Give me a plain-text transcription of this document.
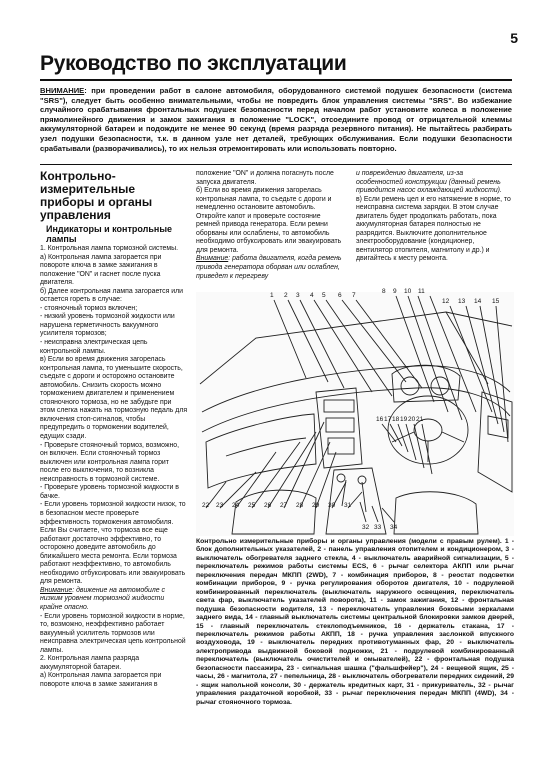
5
Руководство по эксплуатации
ВНИМАНИЕ: при проведении работ в салоне автомобиля, оборудованного системой подушек безопасности (система "SRS"), следует быть особенно внимательными, чтобы не повредить блок управления системы "SRS". Во избежание случайного срабатывания фронтальных подушек безопасности перед началом работ установите колеса в положение прямолинейного движения и замок зажигания в положение "LOCK", отсоедините провод от отрицательной клеммы аккумуляторной батареи и подождите не менее 90 секунд (время разряда резервного питания). Не пытайтесь разбирать узел подушки безопасности, т.к. в данном узле нет деталей, требующих обслуживания. Если подушки безопасности срабатывали (разворачивались), то их нельзя отремонтировать или использовать повторно.
Контрольно-измерительные приборы и органы управления
Индикаторы и контрольные лампы

1. Контрольная лампа тормозной системы.
а) Контрольная лампа загорается при повороте ключа в замке зажигания в положение "ON" и гаснет после пуска двигателя.
б) Далее контрольная лампа загорается или остается гореть в случае:
- стояночный тормоз включен;
- низкий уровень тормозной жидкости или нарушена герметичность вакуумного усилителя тормозов;
- неисправна электрическая цепь контрольной лампы.
в) Если во время движения загорелась контрольная лампа, то уменьшите скорость, съедьте с дороги и осторожно остановите автомобиль. Снизить скорость можно торможением двигателем и применением стояночного тормоза, но не забудьте при этом слегка нажать на тормозную педаль для включения стоп-сигналов, чтобы предупредить о торможении водителей, едущих сзади.
- Проверьте стояночный тормоз, возможно, он включен. Если стояночный тормоз выключен или контрольная лампа горит после его выключения, то возникла неисправность в тормозной системе.
- Проверьте уровень тормозной жидкости в бачке.
- Если уровень тормозной жидкости низок, то в безопасном месте проверьте эффективность торможения автомобиля. Если Вы считаете, что тормоза все еще работают достаточно эффективно, то осторожно доведите автомобиль до ближайшего места ремонта. Если тормоза работают неэффективно, то автомобиль необходимо отбуксировать или эвакуировать для ремонта.

Внимание: движение на автомобиле с низким уровнем тормозной жидкости крайне опасно.

- Если уровень тормозной жидкости в норме, то, возможно, неэффективно работает вакуумный усилитель тормозов или неисправна электрическая цепь контрольной лампы.
2. Контрольная лампа разряда аккумуляторной батареи.
а) Контрольная лампа загорается при повороте ключа в замке зажигания в

положение "ON" и должна погаснуть после запуска двигателя.
б) Если во время движения загорелась контрольная лампа, то съедьте с дороги и немедленно остановите автомобиль. Откройте капот и проверьте состояние ремней привода генератора. Если ремни оборваны или ослаблены, то автомобиль необходимо отбуксировать или эвакуировать для ремонта.

Внимание: работа двигателя, когда ремень привода генератора оборван или ослаблен, приведет к перегреву

и повреждению двигателя, из-за особенностей конструкции (данный ремень приводится насос охлаждающей жидкости).

в) Если ремень цел и его натяжение в норме, то неисправна система зарядки. В этом случае двигатель будет продолжать работать, пока аккумуляторная батарея полностью не разрядится. Выключите дополнительное электрооборудование (кондиционер, вентилятор отопителя, магнитолу и др.) и двигайтесь к месту ремонта.

1 2 3 4 5 6 7
8 9 10 11
12 13 14 15
16 17 18 19 20 21
22 23 24 25 26 27 28 29 30 31
32 33 34
Контрольно измерительные приборы и органы управления (модели с правым рулем). 1 - блок дополнительных указателей, 2 - панель управления отопителем и кондиционером, 3 - выключатель обогревателя заднего стекла, 4 - выключатель аварийной сигнализации, 5 - переключатель режимов работы системы ECS, 6 - рычаг селектора АКПП или рычаг переключения передач МКПП (2WD), 7 - комбинация приборов, 8 - реостат подсветки комбинации приборов, 9 - ручка регулирования оборотов двигателя, 10 - подрулевой комбинированный переключатель (выключатель наружного освещения, переключатель света фар, выключатель указателей поворота), 11 - замок зажигания, 12 - фронтальная подушка безопасности водителя, 13 - переключатель управления боковыми зеркалами заднего вида, 14 - главный выключатель системы центральной блокировки замков дверей, 15 - главный переключатель стеклоподъемников, 16 - держатель стакана, 17 - переключатель режимов работы АКПП, 18 - ручка управления заслонкой впускного воздуховода, 19 - выключатель передних противотуманных фар, 20 - выключатель электропривода выдвижной боковой подножки, 21 - подрулевой комбинированный переключатель (выключатель очистителей и омывателей), 22 - фронтальная подушка безопасности пассажира, 23 - сигнальная шашка ("фальшфейер"), 24 - вещевой ящик, 25 - часы, 26 - магнитола, 27 - пепельница, 28 - выключатель обогреватели передних сидений, 29 - ящик напольной консоли, 30 - держатель кредитных карт, 31 - прикуриватель, 32 - рычаг управления раздаточной коробкой, 33 - рычаг переключения передач МКПП (4WD), 34 - рычаг стояночного тормоза.
